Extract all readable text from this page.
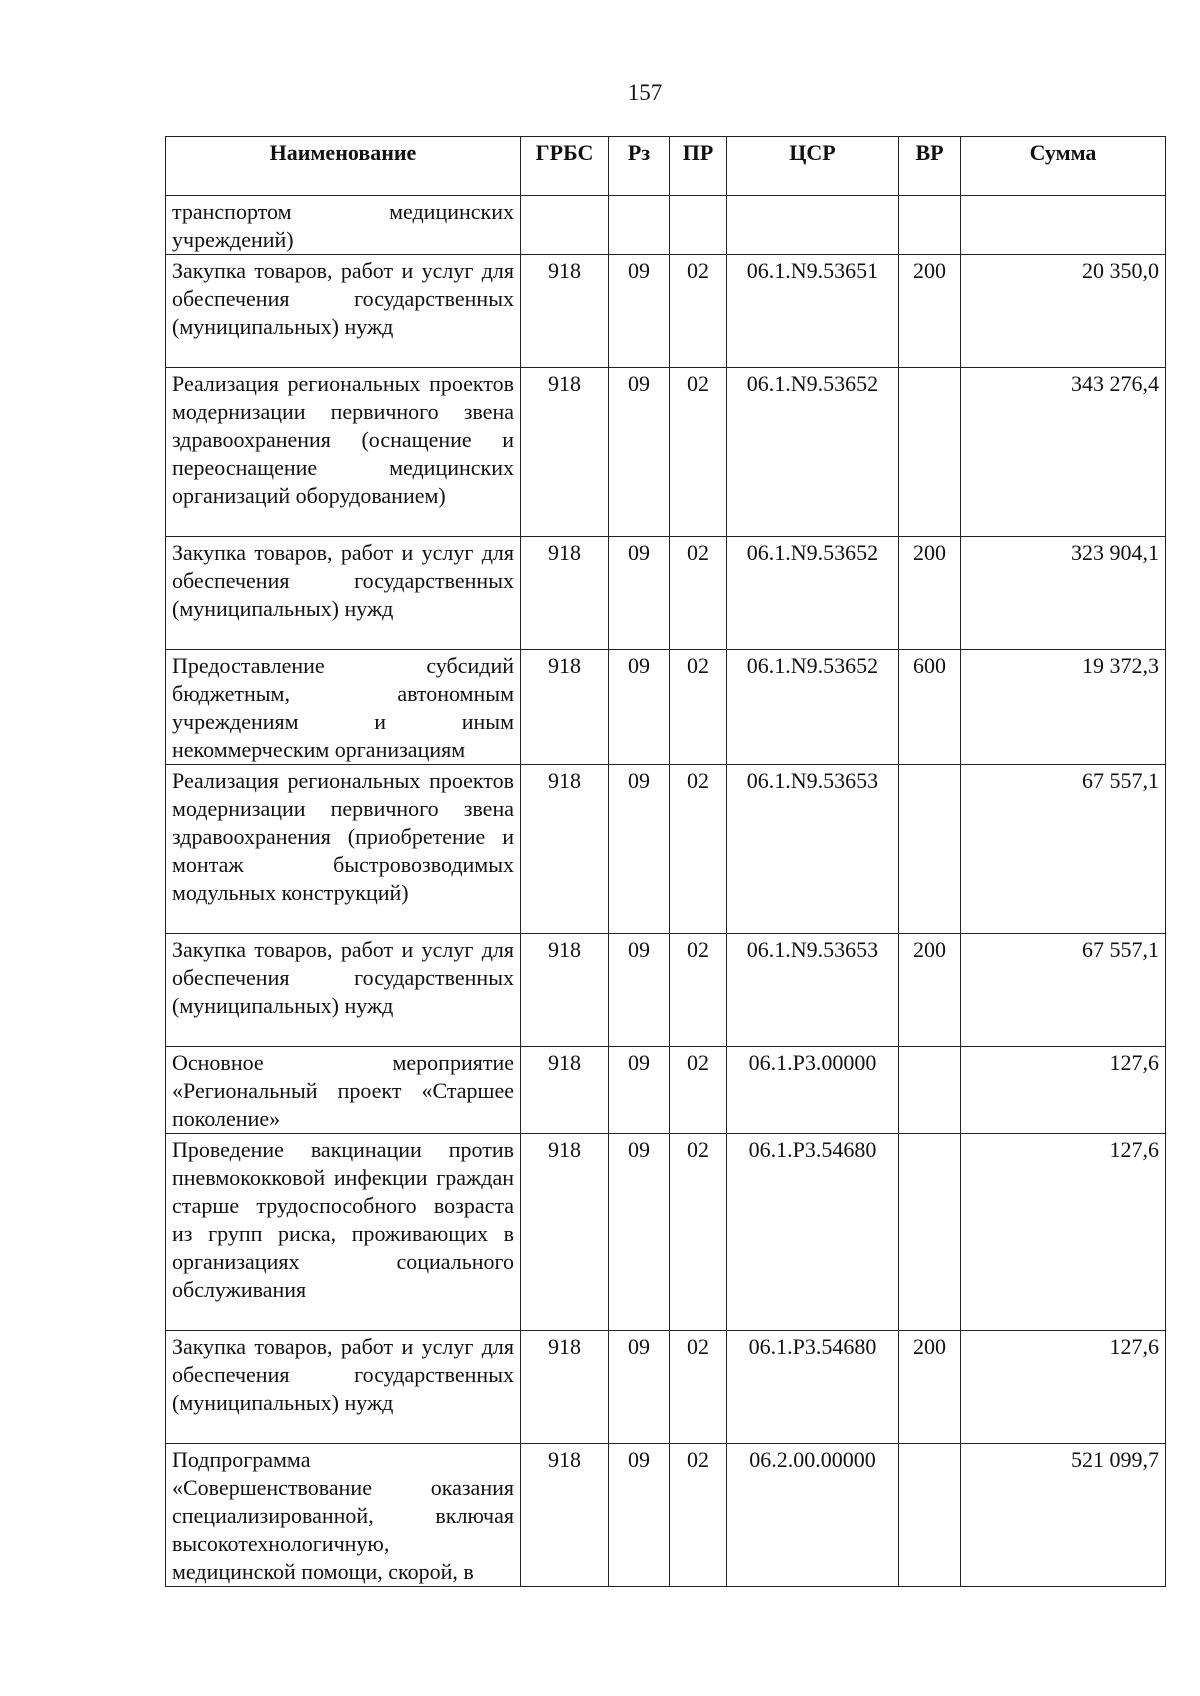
157
Наименование	ГРБС	Рз	ПР	ЦСР	ВР	Сумма
транспортом медицинских учреждений)						
Закупка товаров, работ и услуг для обеспечения государственных (муниципальных) нужд	918	09	02	06.1.N9.53651	200	20 350,0
Реализация региональных проектов модернизации первичного звена здравоохранения (оснащение и переоснащение медицинских организаций оборудованием)	918	09	02	06.1.N9.53652		343 276,4
Закупка товаров, работ и услуг для обеспечения государственных (муниципальных) нужд	918	09	02	06.1.N9.53652	200	323 904,1
Предоставление субсидий бюджетным, автономным учреждениям и иным некоммерческим организациям	918	09	02	06.1.N9.53652	600	19 372,3
Реализация региональных проектов модернизации первичного звена здравоохранения (приобретение и монтаж быстровозводимых модульных конструкций)	918	09	02	06.1.N9.53653		67 557,1
Закупка товаров, работ и услуг для обеспечения государственных (муниципальных) нужд	918	09	02	06.1.N9.53653	200	67 557,1
Основное мероприятие «Региональный проект «Старшее поколение»	918	09	02	06.1.P3.00000		127,6
Проведение вакцинации против пневмококковой инфекции граждан старше трудоспособного возраста из групп риска, проживающих в организациях социального обслуживания	918	09	02	06.1.P3.54680		127,6
Закупка товаров, работ и услуг для обеспечения государственных (муниципальных) нужд	918	09	02	06.1.P3.54680	200	127,6
Подпрограмма «Совершенствование оказания специализированной, включая высокотехнологичную, медицинской помощи, скорой, в	918	09	02	06.2.00.00000		521 099,7
